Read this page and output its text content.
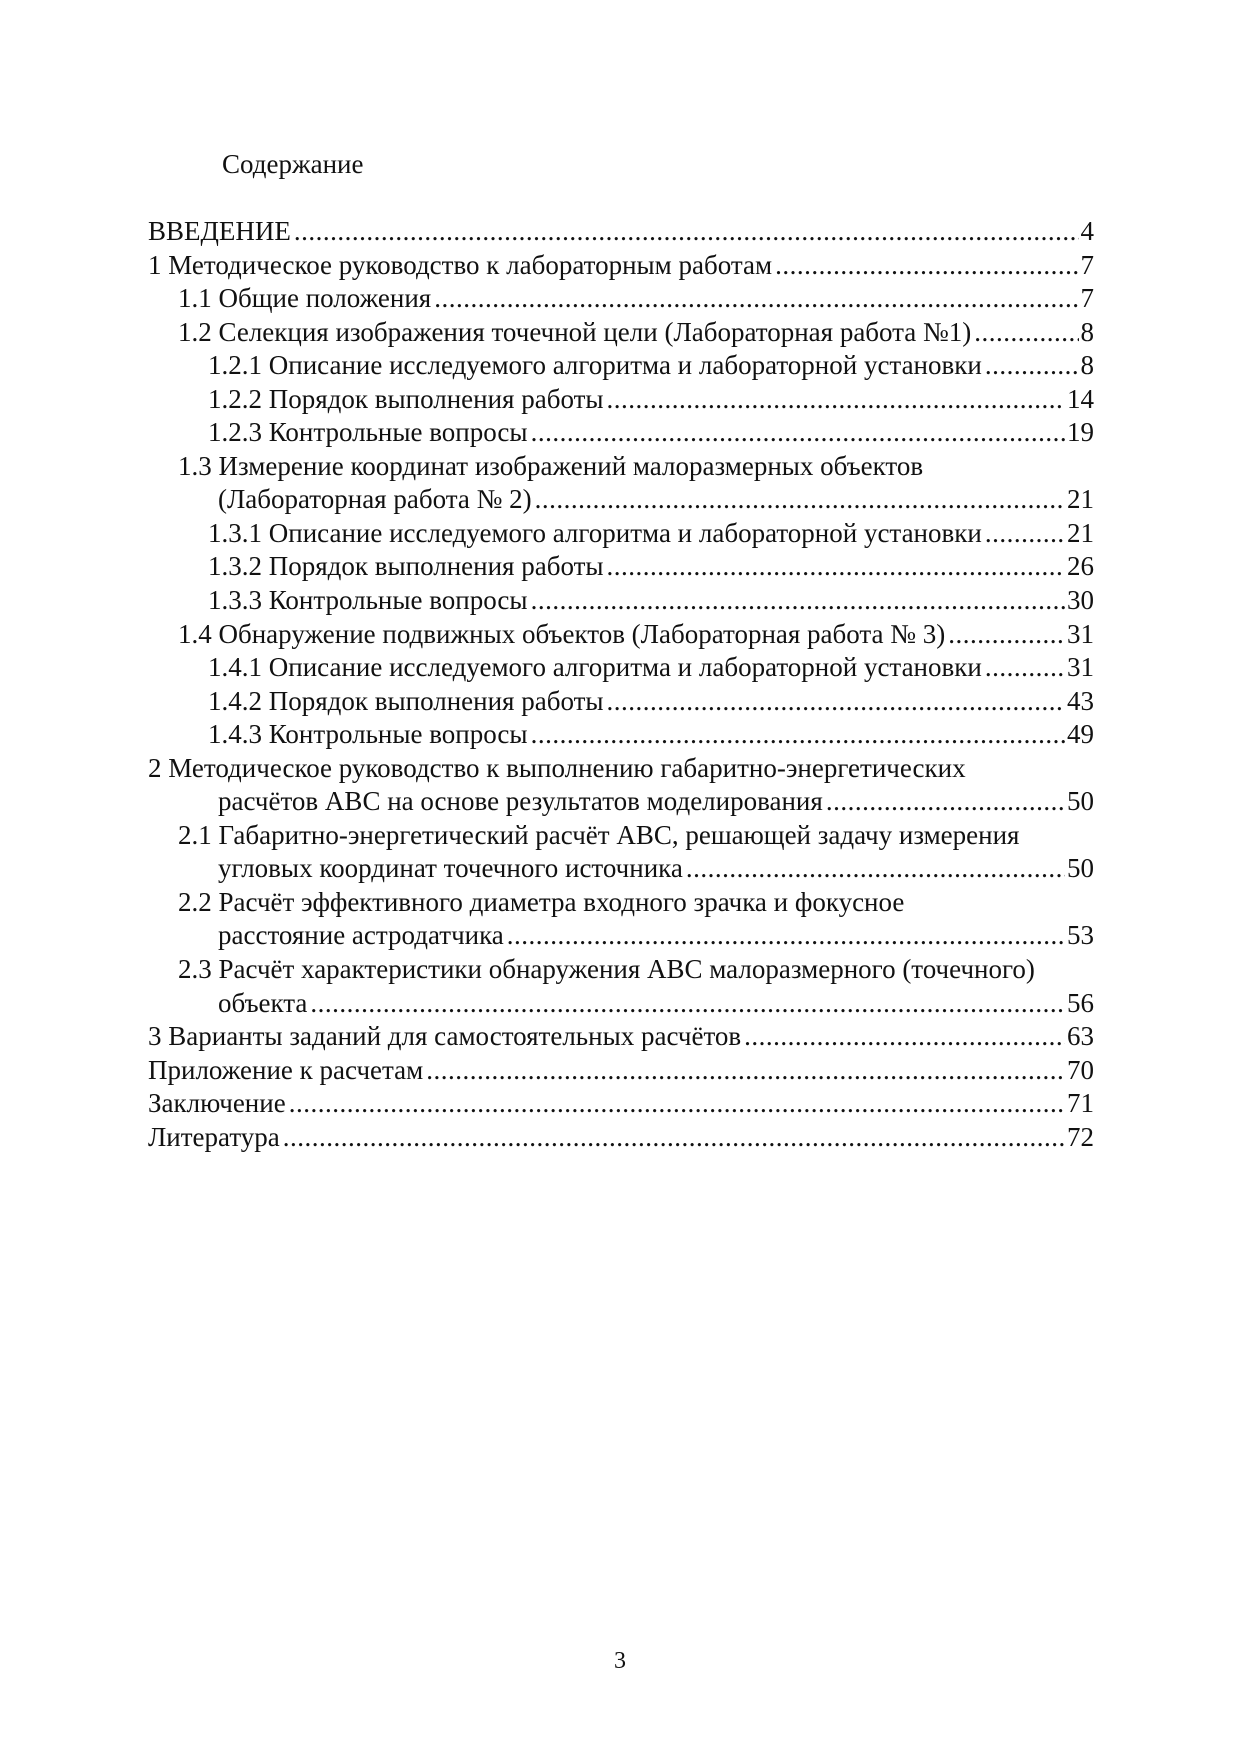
Содержание
ВВЕДЕНИЕ .....	4
1 Методическое руководство к лабораторным работам .....	7
1.1 Общие положения .....	7
1.2 Селекция изображения точечной цели (Лабораторная работа №1) .....	8
1.2.1 Описание исследуемого алгоритма и лабораторной установки .....	8
1.2.2 Порядок выполнения работы .....	14
1.2.3 Контрольные вопросы .....	19
1.3 Измерение координат изображений малоразмерных объектов
(Лабораторная работа № 2) .....	21
1.3.1 Описание исследуемого алгоритма и лабораторной установки .....	21
1.3.2 Порядок выполнения работы .....	26
1.3.3 Контрольные вопросы .....	30
1.4 Обнаружение подвижных объектов (Лабораторная работа № 3) .....	31
1.4.1 Описание исследуемого алгоритма и лабораторной установки .....	31
1.4.2 Порядок выполнения работы .....	43
1.4.3 Контрольные вопросы .....	49
2 Методическое руководство к выполнению габаритно-энергетических
расчётов АВС на основе результатов моделирования .....	50
2.1 Габаритно-энергетический расчёт АВС, решающей задачу измерения
угловых координат точечного источника .....	50
2.2 Расчёт эффективного диаметра входного зрачка и фокусное
расстояние астродатчика .....	53
2.3 Расчёт характеристики обнаружения АВС малоразмерного (точечного)
объекта .....	56
3 Варианты заданий для самостоятельных расчётов .....	63
Приложение к расчетам .....	70
Заключение .....	71
Литература .....	72
3
